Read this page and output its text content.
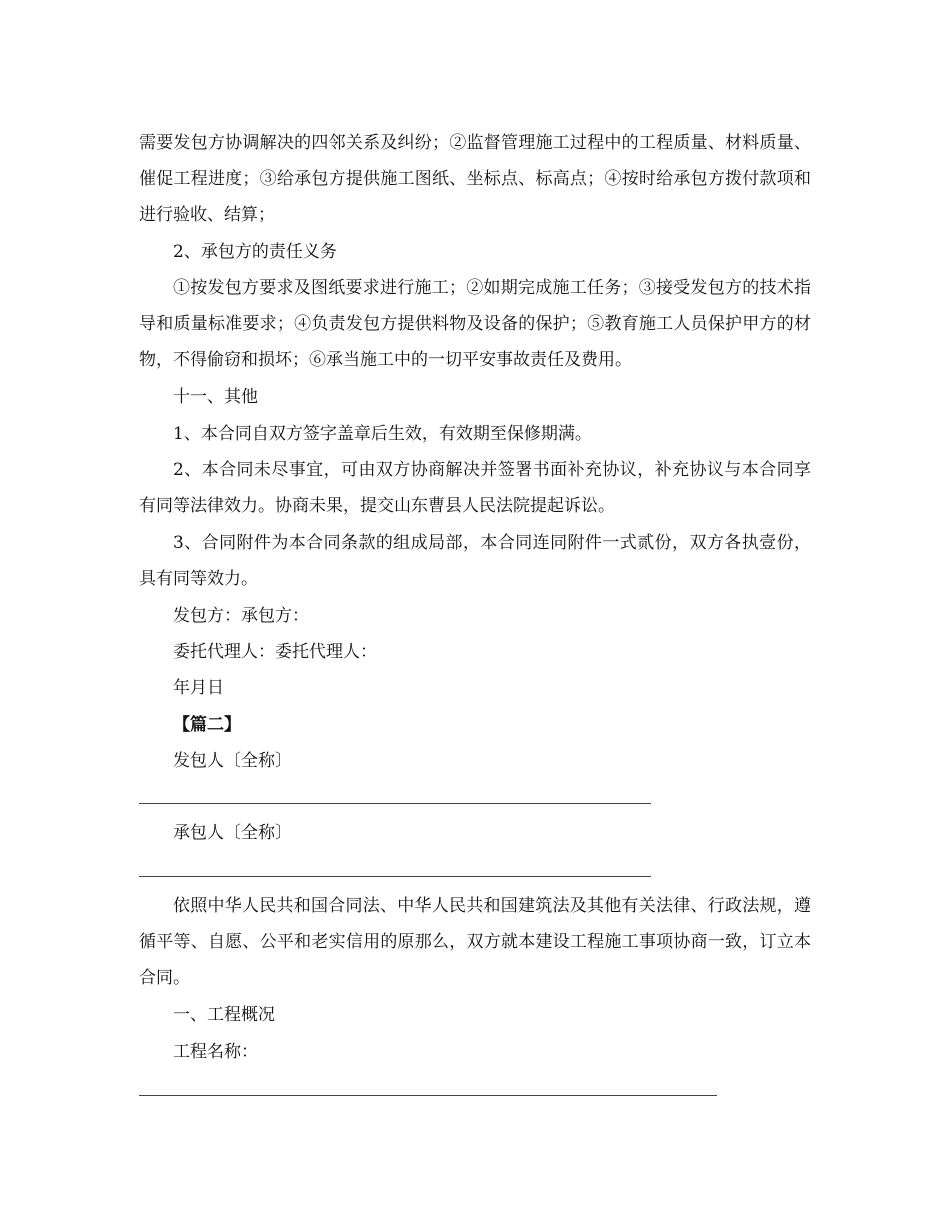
需要发包方协调解决的四邻关系及纠纷；②监督管理施工过程中的工程质量、材料质量、催促工程进度；③给承包方提供施工图纸、坐标点、标高点；④按时给承包方拨付款项和进行验收、结算；
2、承包方的责任义务
①按发包方要求及图纸要求进行施工；②如期完成施工任务；③接受发包方的技术指导和质量标准要求；④负责发包方提供料物及设备的保护；⑤教育施工人员保护甲方的材物，不得偷窃和损坏；⑥承当施工中的一切平安事故责任及费用。
十一、其他
1、本合同自双方签字盖章后生效，有效期至保修期满。
2、本合同未尽事宜，可由双方协商解决并签署书面补充协议，补充协议与本合同享有同等法律效力。协商未果，提交山东曹县人民法院提起诉讼。
3、合同附件为本合同条款的组成局部，本合同连同附件一式贰份，双方各执壹份，具有同等效力。
发包方：承包方：
委托代理人：委托代理人：
年月日
【篇二】
发包人〔全称〕
承包人〔全称〕
依照中华人民共和国合同法、中华人民共和国建筑法及其他有关法律、行政法规，遵循平等、自愿、公平和老实信用的原那么，双方就本建设工程施工事项协商一致，订立本合同。
一、工程概况
工程名称：
